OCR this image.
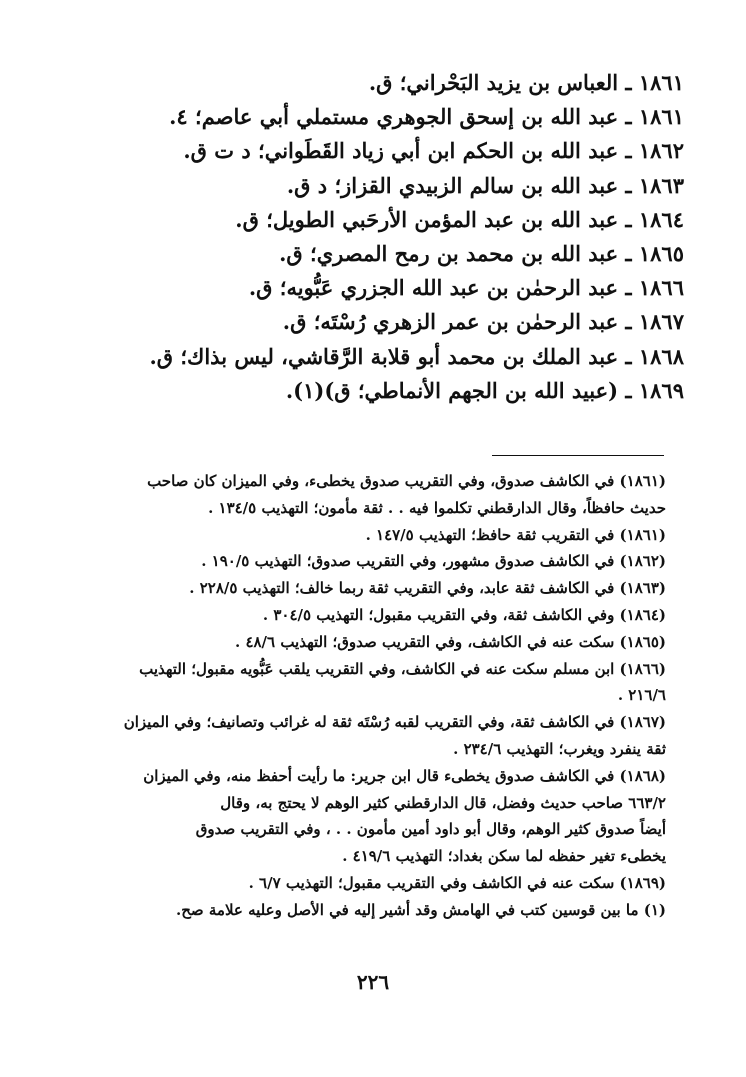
١٨٦١ ـ العباس بن يزيد البَحْراني؛ ق.
١٨٦١ ـ عبد الله بن إسحق الجوهري مستملي أبي عاصم؛ ٤.
١٨٦٢ ـ عبد الله بن الحكم ابن أبي زياد القَطَواني؛ د ت ق.
١٨٦٣ ـ عبد الله بن سالم الزبيدي القزاز؛ د ق.
١٨٦٤ ـ عبد الله بن عبد المؤمن الأرحَبي الطويل؛ ق.
١٨٦٥ ـ عبد الله بن محمد بن رمح المصري؛ ق.
١٨٦٦ ـ عبد الرحمٰن بن عبد الله الجزري عَبُّويه؛ ق.
١٨٦٧ ـ عبد الرحمٰن بن عمر الزهري رُسْتَه؛ ق.
١٨٦٨ ـ عبد الملك بن محمد أبو قلابة الرَّقاشي، ليس بذاك؛ ق.
١٨٦٩ ـ (عبيد الله بن الجهم الأنماطي؛ ق)(١).
(١٨٦١) في الكاشف صدوق، وفي التقريب صدوق يخطىء، وفي الميزان كان صاحب
حديث حافظاً، وقال الدارقطني تكلموا فيه . . ثقة مأمون؛ التهذيب ١٣٤/٥ .
(١٨٦١) في التقريب ثقة حافظ؛ التهذيب ١٤٧/٥ .
(١٨٦٢) في الكاشف صدوق مشهور، وفي التقريب صدوق؛ التهذيب ١٩٠/٥ .
(١٨٦٣) في الكاشف ثقة عابد، وفي التقريب ثقة ربما خالف؛ التهذيب ٢٢٨/٥ .
(١٨٦٤) وفي الكاشف ثقة، وفي التقريب مقبول؛ التهذيب ٣٠٤/٥ .
(١٨٦٥) سكت عنه في الكاشف، وفي التقريب صدوق؛ التهذيب ٤٨/٦ .
(١٨٦٦) ابن مسلم سكت عنه في الكاشف، وفي التقريب يلقب عَبُّويه مقبول؛ التهذيب
٢١٦/٦ .
(١٨٦٧) في الكاشف ثقة، وفي التقريب لقبه رُسْتَه ثقة له غرائب وتصانيف؛ وفي الميزان
ثقة ينفرد ويغرب؛ التهذيب ٢٣٤/٦ .
(١٨٦٨) في الكاشف صدوق يخطىء قال ابن جرير: ما رأيت أحفظ منه، وفي الميزان
٦٦٣/٢ صاحب حديث وفضل، قال الدارقطني كثير الوهم لا يحتج به، وقال
أيضاً صدوق كثير الوهم، وقال أبو داود أمين مأمون . . ، وفي التقريب صدوق
يخطىء تغير حفظه لما سكن بغداد؛ التهذيب ٤١٩/٦ .
(١٨٦٩) سكت عنه في الكاشف وفي التقريب مقبول؛ التهذيب ٦/٧ .
(١) ما بين قوسين كتب في الهامش وقد أشير إليه في الأصل وعليه علامة صح.
٢٢٦
